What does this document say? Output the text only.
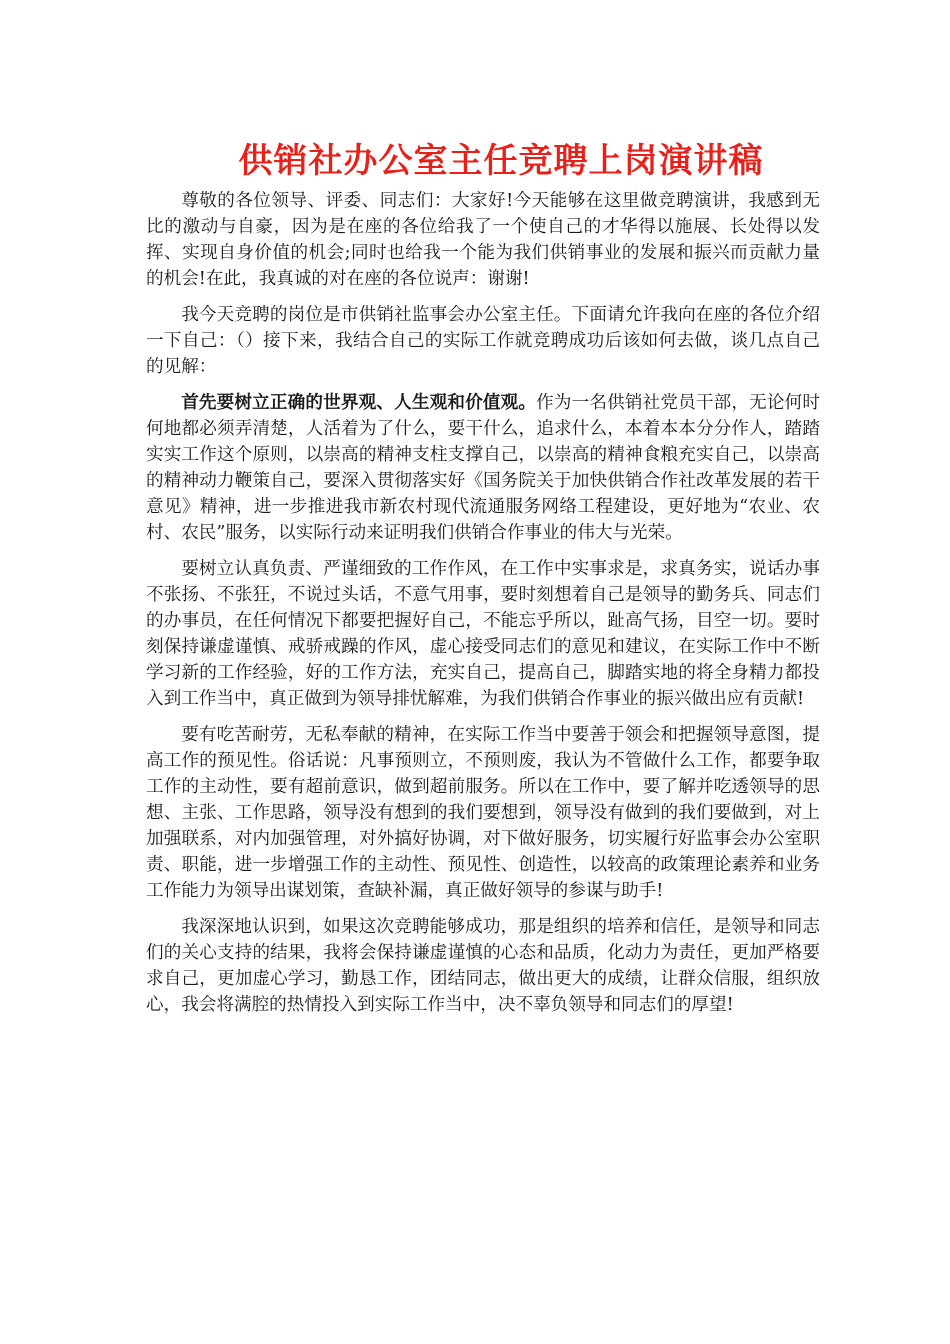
供销社办公室主任竞聘上岗演讲稿

尊敬的各位领导、评委、同志们：大家好!今天能够在这里做竞聘演讲，我感到无比的激动与自豪，因为是在座的各位给我了一个使自己的才华得以施展、长处得以发挥、实现自身价值的机会;同时也给我一个能为我们供销事业的发展和振兴而贡献力量的机会!在此，我真诚的对在座的各位说声：谢谢!

我今天竞聘的岗位是市供销社监事会办公室主任。下面请允许我向在座的各位介绍一下自己：（）接下来，我结合自己的实际工作就竞聘成功后该如何去做，谈几点自己的见解：

首先要树立正确的世界观、人生观和价值观。作为一名供销社党员干部，无论何时何地都必须弄清楚，人活着为了什么，要干什么，追求什么，本着本本分分作人，踏踏实实工作这个原则，以崇高的精神支柱支撑自己，以崇高的精神食粮充实自己，以崇高的精神动力鞭策自己，要深入贯彻落实好《国务院关于加快供销合作社改革发展的若干意见》精神，进一步推进我市新农村现代流通服务网络工程建设，更好地为“农业、农村、农民”服务，以实际行动来证明我们供销合作事业的伟大与光荣。

要树立认真负责、严谨细致的工作作风，在工作中实事求是，求真务实，说话办事不张扬、不张狂，不说过头话，不意气用事，要时刻想着自己是领导的勤务兵、同志们的办事员，在任何情况下都要把握好自己，不能忘乎所以，趾高气扬，目空一切。要时刻保持谦虚谨慎、戒骄戒躁的作风，虚心接受同志们的意见和建议，在实际工作中不断学习新的工作经验，好的工作方法，充实自己，提高自己，脚踏实地的将全身精力都投入到工作当中，真正做到为领导排忧解难，为我们供销合作事业的振兴做出应有贡献!

要有吃苦耐劳，无私奉献的精神，在实际工作当中要善于领会和把握领导意图，提高工作的预见性。俗话说：凡事预则立，不预则废，我认为不管做什么工作，都要争取工作的主动性，要有超前意识，做到超前服务。所以在工作中，要了解并吃透领导的思想、主张、工作思路，领导没有想到的我们要想到，领导没有做到的我们要做到，对上加强联系，对内加强管理，对外搞好协调，对下做好服务，切实履行好监事会办公室职责、职能，进一步增强工作的主动性、预见性、创造性，以较高的政策理论素养和业务工作能力为领导出谋划策，查缺补漏，真正做好领导的参谋与助手!

我深深地认识到，如果这次竞聘能够成功，那是组织的培养和信任，是领导和同志们的关心支持的结果，我将会保持谦虚谨慎的心态和品质，化动力为责任，更加严格要求自己，更加虚心学习，勤恳工作，团结同志，做出更大的成绩，让群众信服，组织放心，我会将满腔的热情投入到实际工作当中，决不辜负领导和同志们的厚望!
